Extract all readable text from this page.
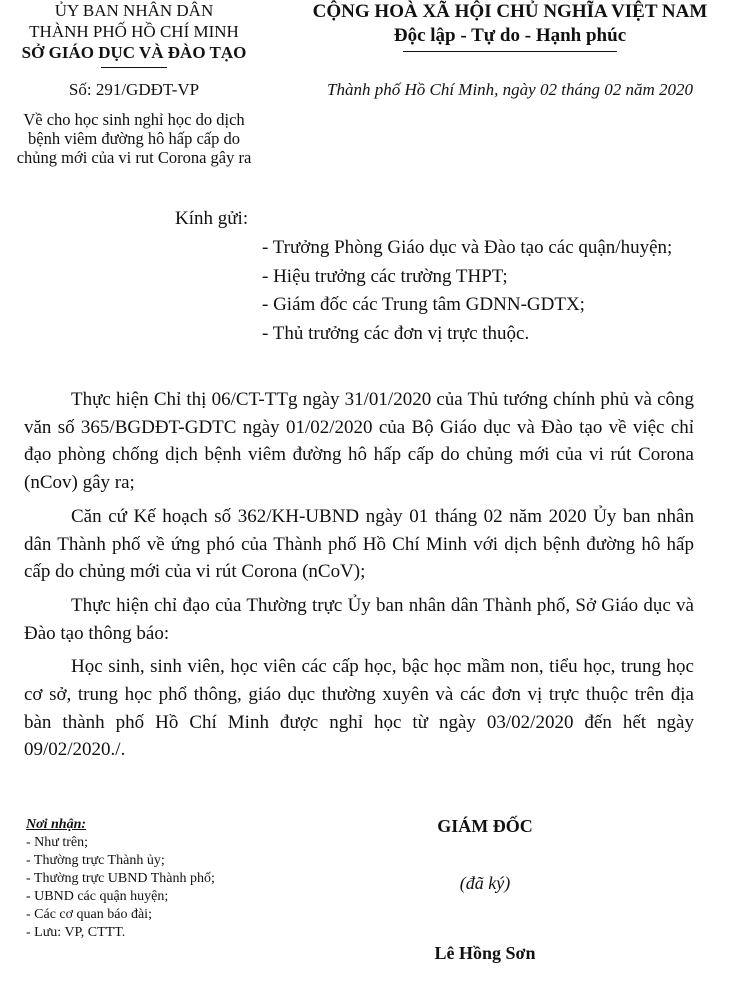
ỦY BAN NHÂN DÂN
THÀNH PHỐ HỒ CHÍ MINH
SỞ GIÁO DỤC VÀ ĐÀO TẠO
CỘNG HOÀ XÃ HỘI CHỦ NGHĨA VIỆT NAM
Độc lập - Tự do - Hạnh phúc
Số: 291/GDĐT-VP	Thành phố Hồ Chí Minh, ngày 02 tháng 02 năm 2020
Về cho học sinh nghỉ học do dịch
bệnh viêm đường hô hấp cấp do
chủng mới của vi rut Corona gây ra
Kính gửi:
- Trưởng Phòng Giáo dục và Đào tạo các quận/huyện;
- Hiệu trưởng các trường THPT;
- Giám đốc các Trung tâm GDNN-GDTX;
- Thủ trưởng các đơn vị trực thuộc.

Thực hiện Chỉ thị 06/CT-TTg ngày 31/01/2020 của Thủ tướng chính phủ và công văn số 365/BGDĐT-GDTC ngày 01/02/2020 của Bộ Giáo dục và Đào tạo về việc chỉ đạo phòng chống dịch bệnh viêm đường hô hấp cấp do chủng mới của vi rút Corona (nCov) gây ra;

Căn cứ Kế hoạch số 362/KH-UBND ngày 01 tháng 02 năm 2020 Ủy ban nhân dân Thành phố về ứng phó của Thành phố Hồ Chí Minh với dịch bệnh đường hô hấp cấp do chủng mới của vi rút Corona (nCoV);

Thực hiện chỉ đạo của Thường trực Ủy ban nhân dân Thành phố, Sở Giáo dục và Đào tạo thông báo:

Học sinh, sinh viên, học viên các cấp học, bậc học mầm non, tiểu học, trung học cơ sở, trung học phổ thông, giáo dục thường xuyên và các đơn vị trực thuộc trên địa bàn thành phố Hồ Chí Minh được nghỉ học từ ngày 03/02/2020 đến hết ngày 09/02/2020./.

Nơi nhận:
- Như trên;
- Thường trực Thành ủy;
- Thường trực UBND Thành phố;
- UBND các quận huyện;
- Các cơ quan báo đài;
- Lưu: VP, CTTT.
GIÁM ĐỐC
(đã ký)
Lê Hồng Sơn
